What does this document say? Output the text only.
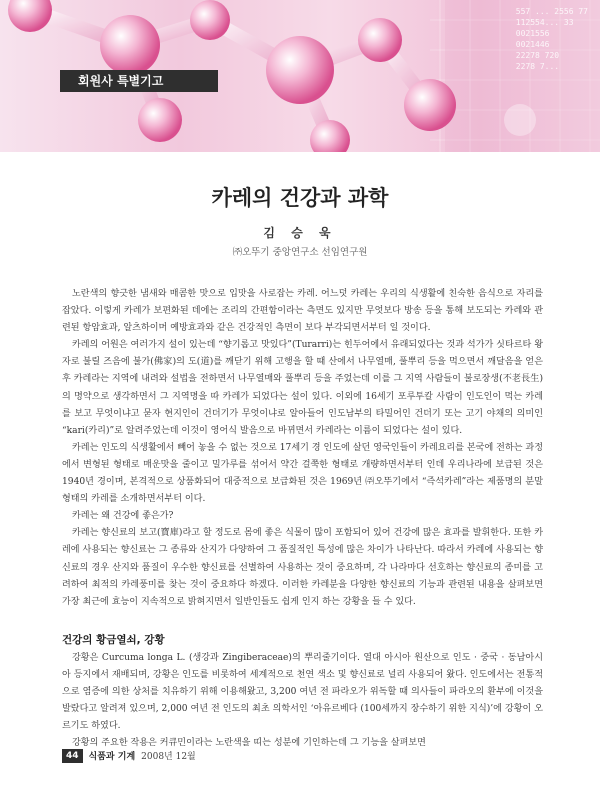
557 ... 2556 77
112554... 33
0021556
0021446
22278 720
2278 7...
회원사 특별기고
카레의 건강과 과학
김 승 욱
㈜오뚜기 중앙연구소 선임연구원

노란색의 향긋한 냄새와 매콤한 맛으로 입맛을 사로잡는 카레. 어느덧 카레는 우리의 식생활에 친숙한 음식으로 자리를 잡았다. 이렇게 카레가 보편화된 데에는 조리의 간편함이라는 측면도 있지만 무엇보다 방송 등을 통해 보도되는 카레와 관련된 항암효과, 알츠하이머 예방효과와 같은 건강적인 측면이 보다 부각되면서부터 일 것이다.

카레의 어원은 여러가지 설이 있는데 “향기롭고 맛있다”(Turarri)는 힌두어에서 유래되었다는 것과 석가가 싯타르타 왕자로 불릴 즈음에 불가(佛家)의 도(道)를 깨닫기 위해 고행을 할 때 산에서 나무열매, 풀뿌리 등을 먹으면서 깨달음을 얻은 후 카레라는 지역에 내려와 설법을 전하면서 나무열매와 풀뿌리 등을 주었는데 이를 그 지역 사람들이 불로장생(不老長生)의 명약으로 생각하면서 그 지역명을 따 카레가 되었다는 설이 있다. 이외에 16세기 포루투칼 사람이 인도인이 먹는 카레를 보고 무엇이냐고 묻자 현지인이 건더기가 무엇이냐로 알아들어 인도남부의 타밀어인 건더기 또는 고기 야채의 의미인 “kari(카리)”로 알려주었는데 이것이 영어식 발음으로 바뀌면서 카레라는 이름이 되었다는 설이 있다.

카레는 인도의 식생활에서 빼어 놓을 수 없는 것으로 17세기 경 인도에 살던 영국인들이 카레요리를 본국에 전하는 과정에서 변형된 형태로 매운맛을 줄이고 밀가루를 섞어서 약간 걸쭉한 형태로 개량하면서부터 인데 우리나라에 보급된 것은 1940년 경이며, 본격적으로 상품화되어 대중적으로 보급화된 것은 1969년 ㈜오뚜기에서 “즉석카레”라는 제품명의 분말형태의 카레를 소개하면서부터 이다.

카레는 왜 건강에 좋은가?

카레는 향신료의 보고(寶庫)라고 할 정도로 몸에 좋은 식물이 많이 포함되어 있어 건강에 많은 효과를 발휘한다. 또한 카레에 사용되는 향신료는 그 종류와 산지가 다양하여 그 품질적인 특성에 많은 차이가 나타난다. 따라서 카레에 사용되는 향신료의 경우 산지와 품질이 우수한 향신료를 선별하여 사용하는 것이 중요하며, 각 나라마다 선호하는 향신료의 종미를 고려하여 최적의 카레풍미를 찾는 것이 중요하다 하겠다. 이러한 카레분을 다양한 향신료의 기능과 관련된 내용을 살펴보면 가장 최근에 효능이 지속적으로 밝혀지면서 일반인들도 쉽게 인지 하는 강황을 들 수 있다.

건강의 황금열쇠, 강황

강황은 Curcuma longa L. (생강과 Zingiberaceae)의 뿌리줄기이다. 열대 아시아 원산으로 인도 · 중국 · 동남아시아 등지에서 재배되며, 강황은 인도를 비롯하여 세계적으로 천연 색소 및 향신료로 널리 사용되어 왔다. 인도에서는 전통적으로 염증에 의한 상처를 치유하기 위해 이용해왔고, 3,200 여년 전 파라오가 위독할 때 의사들이 파라오의 환부에 이것을 발랐다고 알려져 있으며, 2,000 여년 전 인도의 최초 의학서인 ‘아유르베다 (100세까지 장수하기 위한 지식)’에 강황이 오르기도 하였다.

강황의 주요한 작용은 커큐민이라는 노란색을 띠는 성분에 기인하는데 그 기능을 살펴보면

44	식품과 기계 2008년 12월
